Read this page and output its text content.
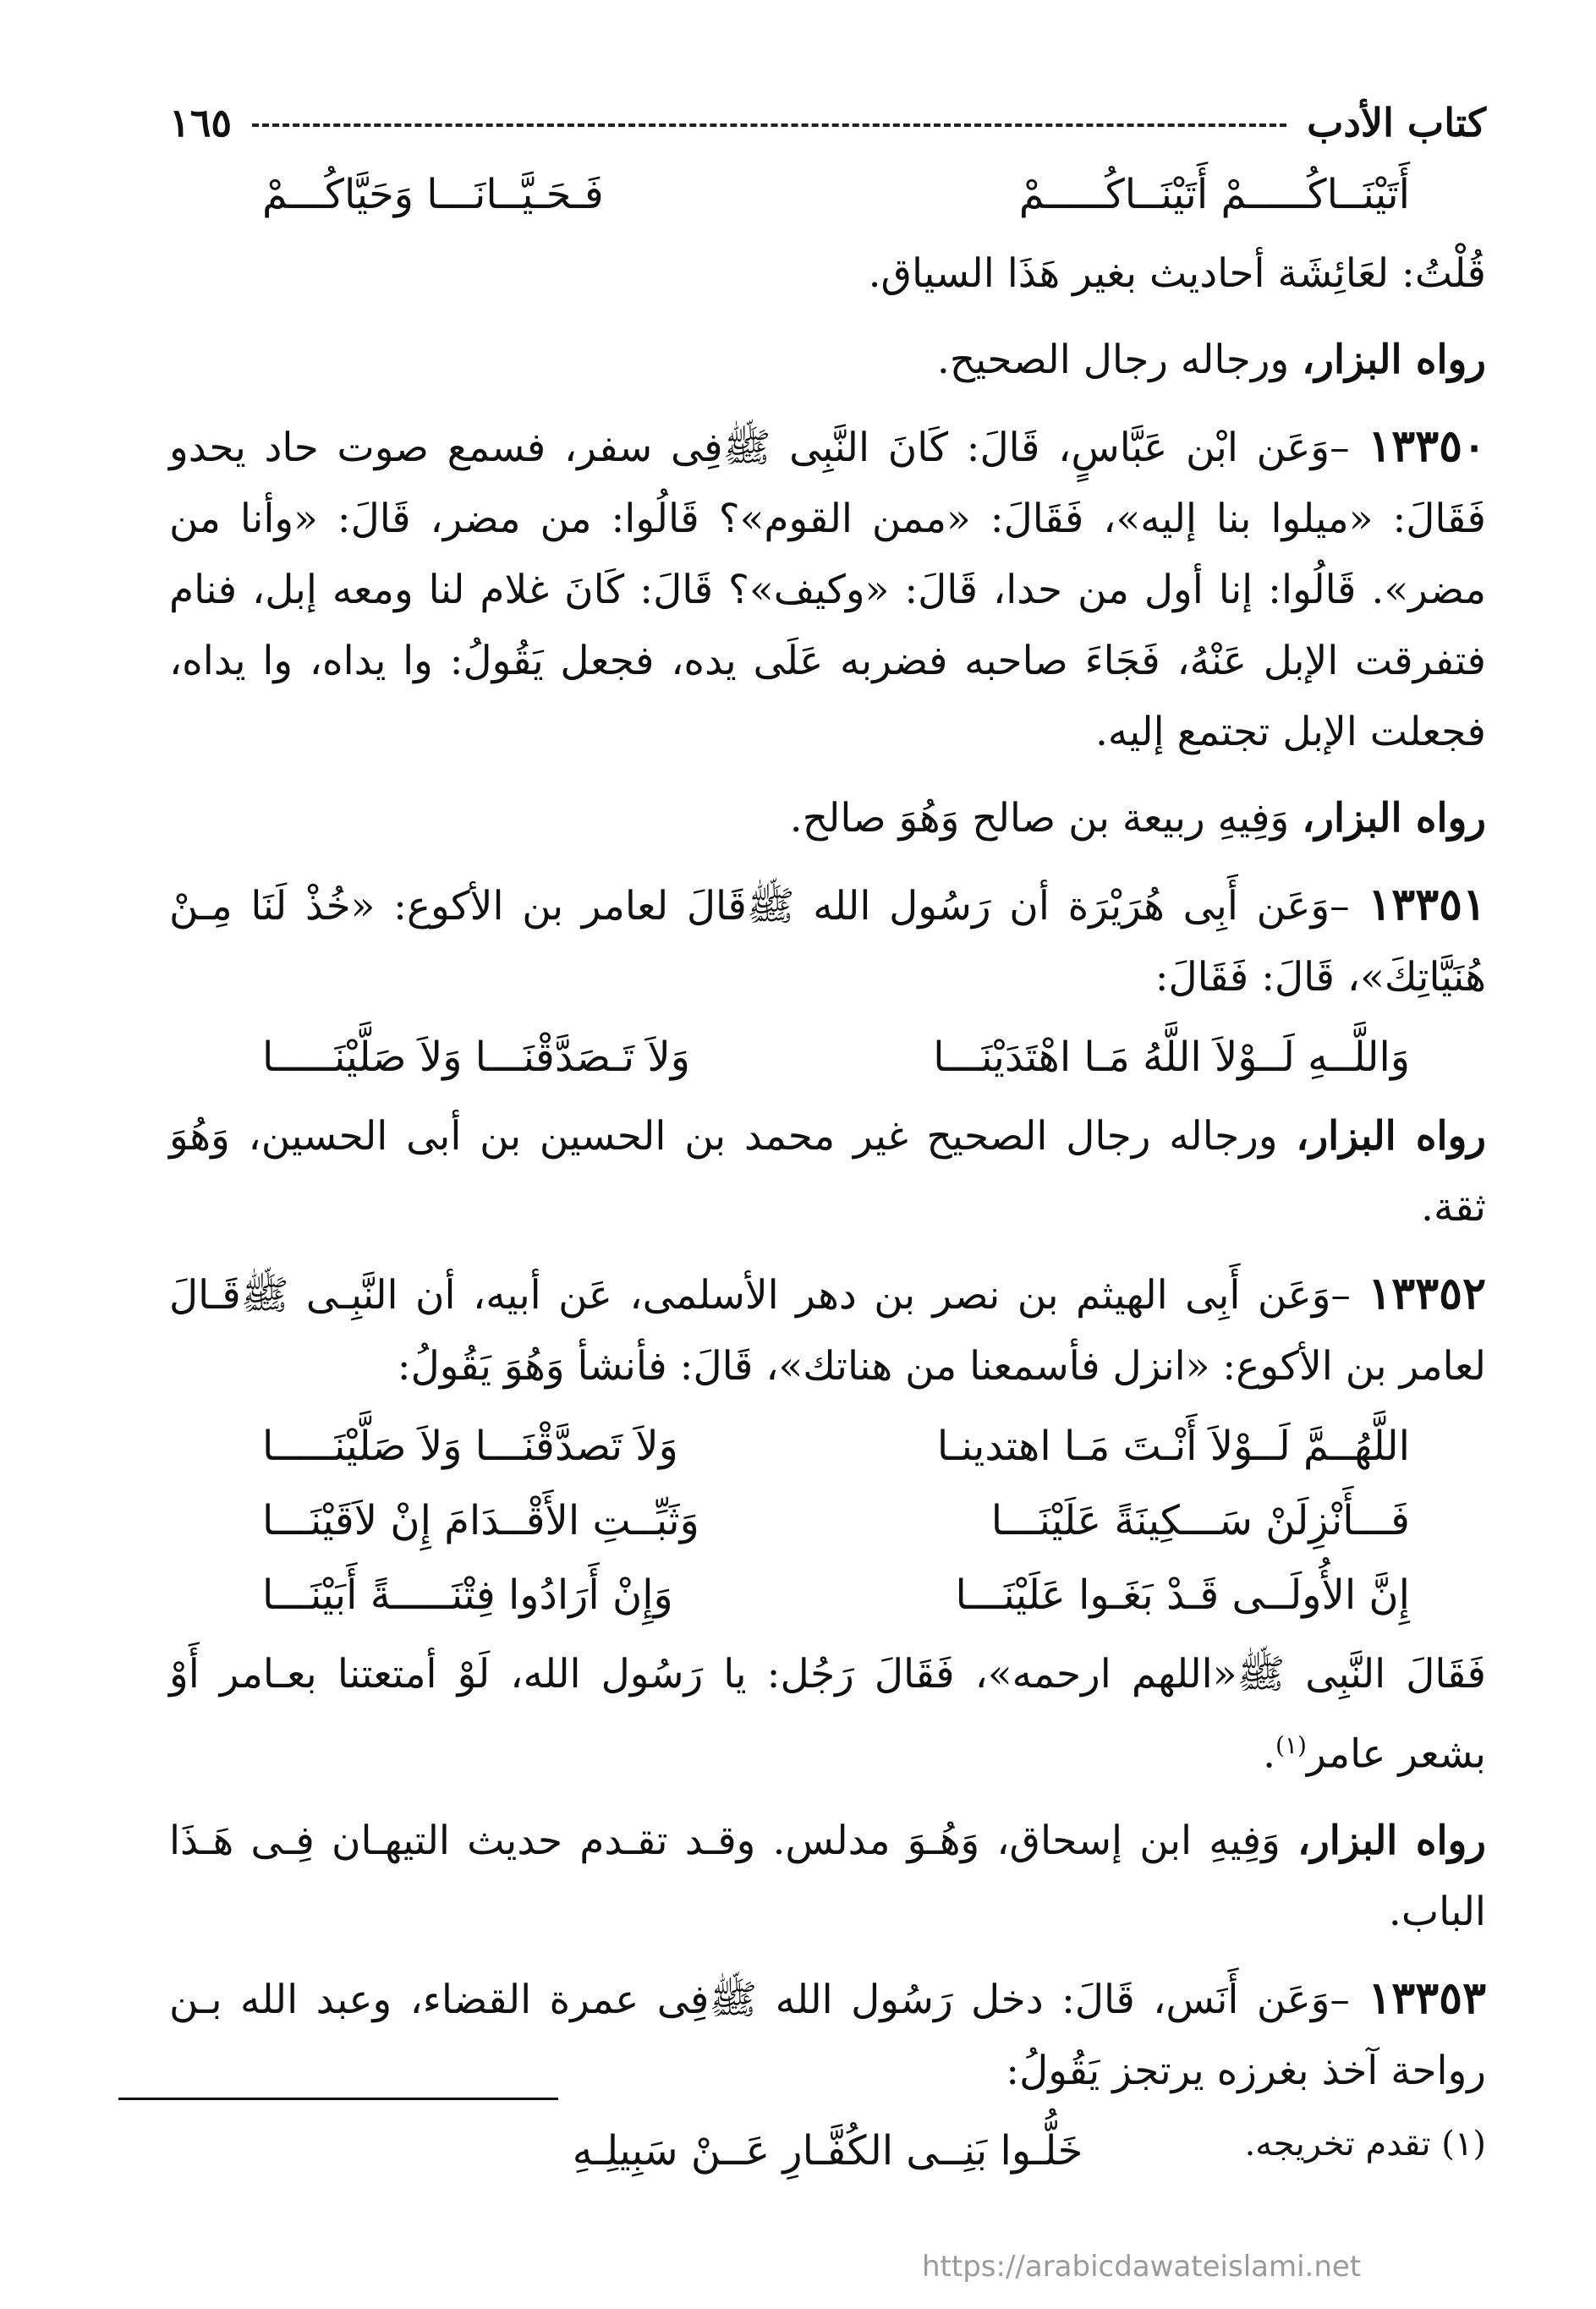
كتاب الأدب
١٦٥
أَتَيْنَــاكُـــــمْ أَتَيْنَــاكُـــــمْ
فَـحَـيَّــانَـــا وَحَيَّاكُـــمْ

قُلْتُ: لعَائِشَة أحاديث بغير هَذَا السياق.

رواه البزار، ورجاله رجال الصحيح.

١٣٣٥٠ –وَعَن ابْن عَبَّاسٍ، قَالَ: كَانَ النَّبِى ﷺفِى سفر، فسمع صوت حاد يحدو فَقَالَ: «ميلوا بنا إليه»، فَقَالَ: «ممن القوم»؟ قَالُوا: من مضر، قَالَ: «وأنا من مضر». قَالُوا: إنا أول من حدا، قَالَ: «وكيف»؟ قَالَ: كَانَ غلام لنا ومعه إبل، فنام فتفرقت الإبل عَنْهُ، فَجَاءَ صاحبه فضربه عَلَى يده، فجعل يَقُولُ: وا يداه، وا يداه، فجعلت الإبل تجتمع إليه.

رواه البزار، وَفِيهِ ربيعة بن صالح وَهُوَ صالح.

١٣٣٥١ –وَعَن أَبِى هُرَيْرَة أن رَسُول الله ﷺقَالَ لعامر بن الأكوع: «خُذْ لَنَا مِـنْ هُنَيَّاتِكَ»، قَالَ: فَقَالَ:

وَاللَّــهِ لَــوْلاَ اللَّهُ مَـا اهْتَدَيْنَـــا
وَلاَ تَـصَدَّقْنَـــا وَلاَ صَلَّيْنَـــــا

رواه البزار، ورجاله رجال الصحيح غير محمد بن الحسين بن أبى الحسين، وَهُوَ ثقة.

١٣٣٥٢ –وَعَن أَبِى الهيثم بن نصر بن دهر الأسلمى، عَن أبيه، أن النَّبِـى ﷺقَـالَ لعامر بن الأكوع: «انزل فأسمعنا من هناتك»، قَالَ: فأنشأ وَهُوَ يَقُولُ:

اللَّهُــمَّ لَــوْلاَ أَنْـتَ مَـا اهتدينـا
وَلاَ تَصدَّقْنَـــا وَلاَ صَلَّيْنَـــــا
فَـــأَنْزِلَنْ سَـــكِينَةً عَلَيْنَـــا
وَثَبِّــتِ الأَقْــدَامَ إِنْ لاَقَيْنَـــا
إِنَّ الأُولَــى قَـدْ بَغَـوا عَلَيْنَـــا
وَإِنْ أَرَادُوا فِتْنَـــــةً أَبَيْنَـــا

فَقَالَ النَّبِى ﷺ«اللهم ارحمه»، فَقَالَ رَجُل: يا رَسُول الله، لَوْ أمتعتنا بعـامر أَوْ بشعر عامر$^{(١)}$.

رواه البزار، وَفِيهِ ابن إسحاق، وَهُـوَ مدلس. وقـد تقـدم حديث التيهـان فِـى هَـذَا الباب.

١٣٣٥٣ –وَعَن أَنَس، قَالَ: دخل رَسُول الله ﷺفِى عمرة القضاء، وعبد الله بـن رواحة آخذ بغرزه يرتجز يَقُولُ:

خَلُّـوا بَنِــى الكُفَّـارِ عَــنْ سَبِيلِـهِ	(١) تقدم تخريجه.
https://arabicdawateislami.net
